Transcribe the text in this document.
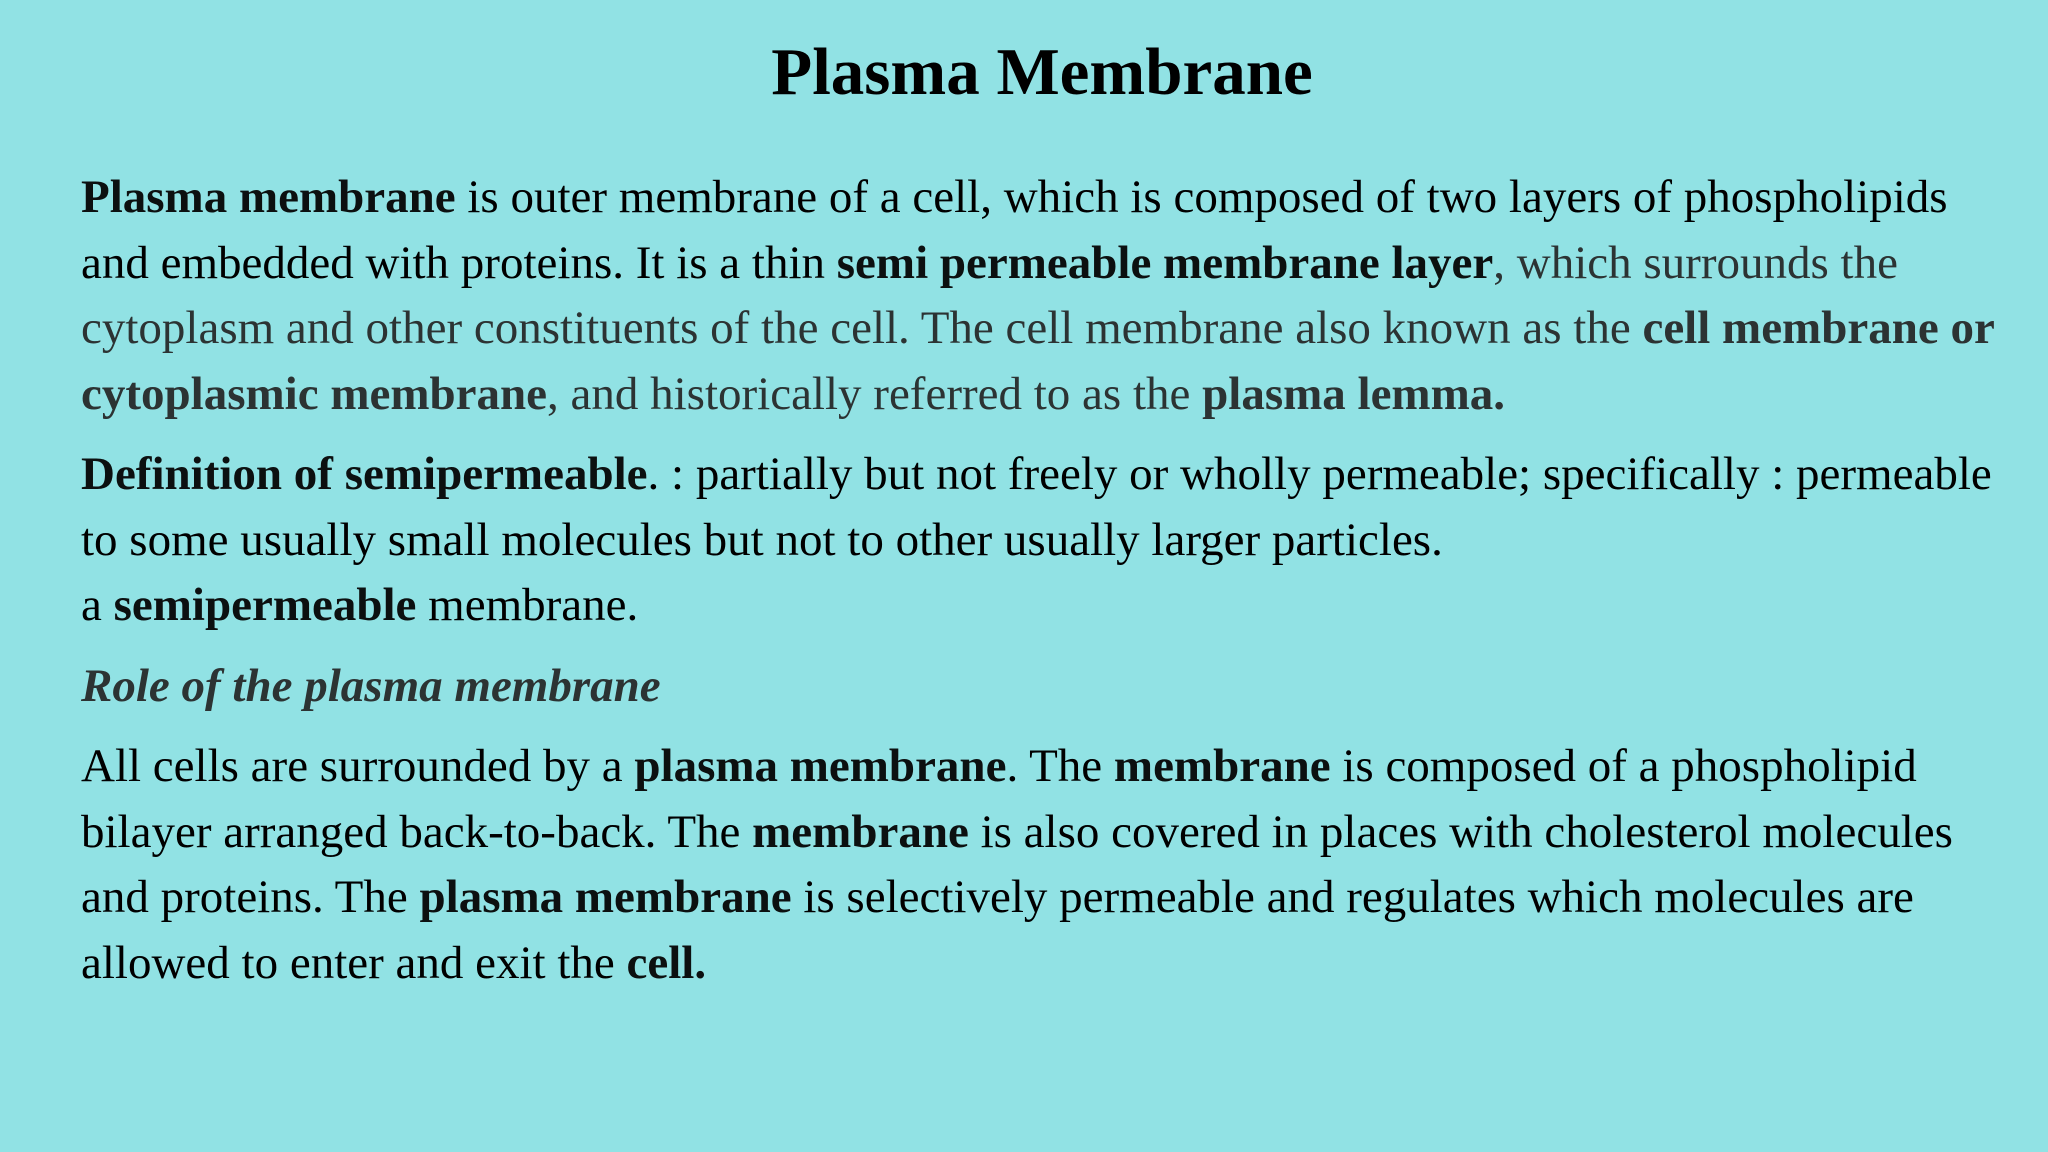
Plasma Membrane

Plasma membrane is outer membrane of a cell, which is composed of two layers of phospholipids and embedded with proteins. It is a thin semi permeable membrane layer, which surrounds the cytoplasm and other constituents of the cell. The cell membrane also known as the cell membrane or cytoplasmic membrane, and historically referred to as the plasma lemma.

Definition of semipermeable. : partially but not freely or wholly permeable; specifically : permeable to some usually small molecules but not to other usually larger particles.
a semipermeable membrane.

Role of the plasma membrane

All cells are surrounded by a plasma membrane. The membrane is composed of a phospholipid bilayer arranged back-to-back. The membrane is also covered in places with cholesterol molecules and proteins. The plasma membrane is selectively permeable and regulates which molecules are allowed to enter and exit the cell.
